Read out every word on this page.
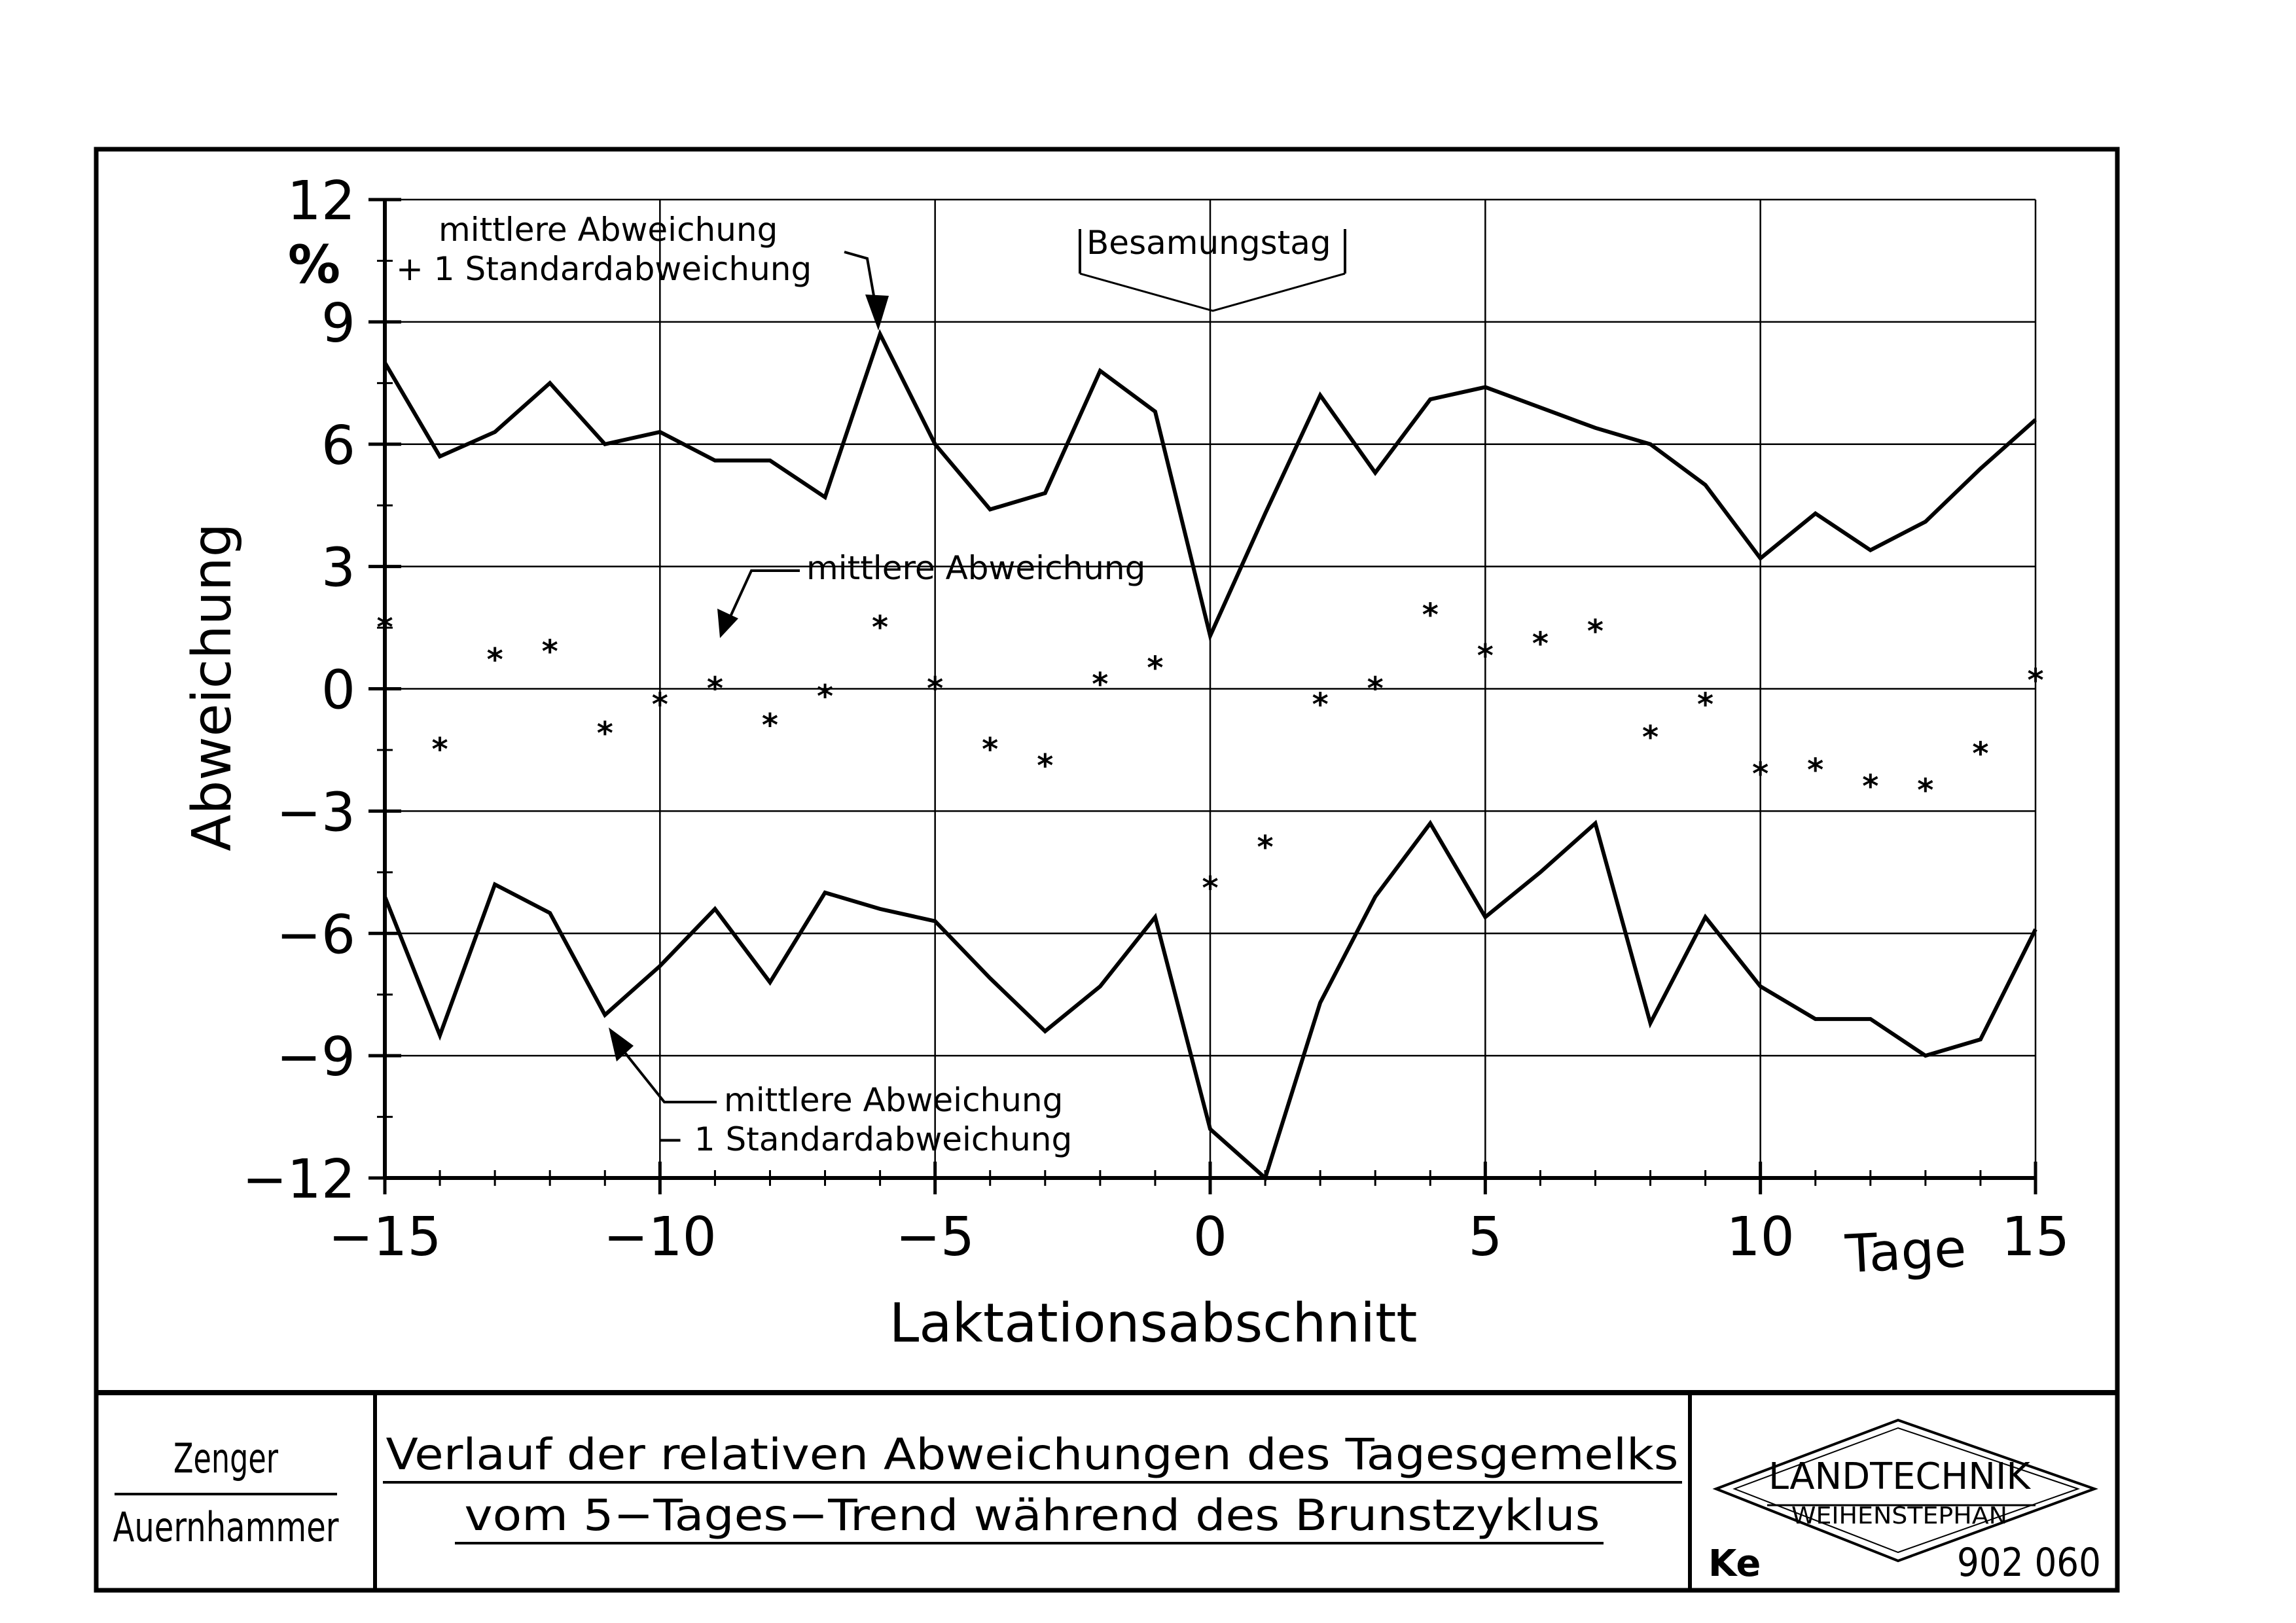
12
9
6
3
0
−3
−6
−9
−12
−15	−10	−5	0	5	10	15
*
*
* *
*
* *
*
*
*
*
* *
* *
*
*
* *
*
* * *
*
*
* * * *
*
*
mittlere Abweichung
+ 1 Standardabweichung
mittlere Abweichung
mittlere Abweichung
− 1 Standardabweichung
Besamungstag
Abweichung
%
Laktationsabschnitt
Tage
LANDTECHNIK
WEIHENSTEPHAN
Ke	902 060
Zenger
Auernhammer
Verlauf der relativen Abweichungen des Tagesgemelks
vom 5−Tages−Trend während des Brunstzyklus
